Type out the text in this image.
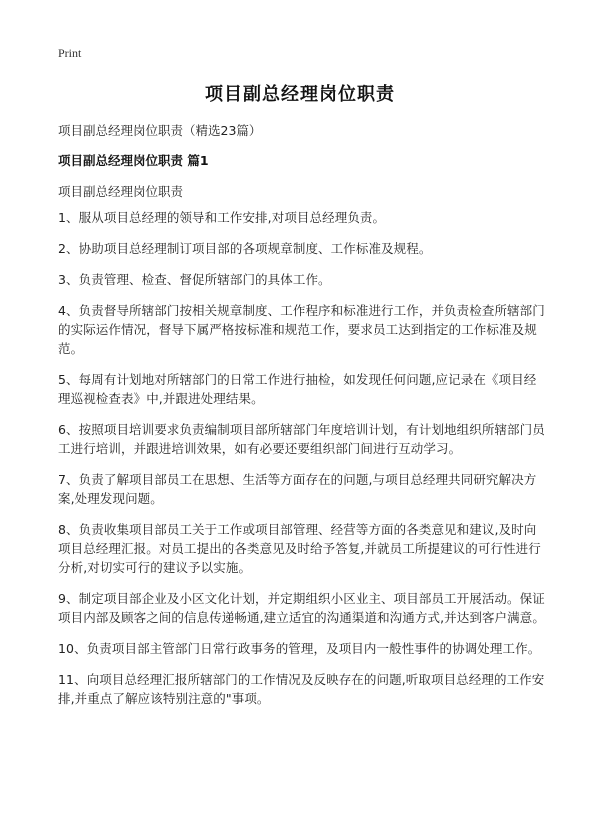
Print
项目副总经理岗位职责
项目副总经理岗位职责（精选23篇）
项目副总经理岗位职责 篇1
项目副总经理岗位职责
1、服从项目总经理的领导和工作安排,对项目总经理负责。
2、协助项目总经理制订项目部的各项规章制度、工作标准及规程。
3、负责管理、检查、督促所辖部门的具体工作。
4、负责督导所辖部门按相关规章制度、工作程序和标准进行工作，并负责检查所辖部门的实际运作情况，督导下属严格按标准和规范工作，要求员工达到指定的工作标准及规范。
5、每周有计划地对所辖部门的日常工作进行抽检，如发现任何问题,应记录在《项目经理巡视检查表》中,并跟进处理结果。
6、按照项目培训要求负责编制项目部所辖部门年度培训计划，有计划地组织所辖部门员工进行培训，并跟进培训效果，如有必要还要组织部门间进行互动学习。
7、负责了解项目部员工在思想、生活等方面存在的问题,与项目总经理共同研究解决方案,处理发现问题。
8、负责收集项目部员工关于工作或项目部管理、经营等方面的各类意见和建议,及时向项目总经理汇报。对员工提出的各类意见及时给予答复,并就员工所提建议的可行性进行分析,对切实可行的建议予以实施。
9、制定项目部企业及小区文化计划，并定期组织小区业主、项目部员工开展活动。保证项目内部及顾客之间的信息传递畅通,建立适宜的沟通渠道和沟通方式,并达到客户满意。
10、负责项目部主管部门日常行政事务的管理，及项目内一般性事件的协调处理工作。
11、向项目总经理汇报所辖部门的工作情况及反映存在的问题,听取项目总经理的工作安排,并重点了解应该特别注意的"事项。
